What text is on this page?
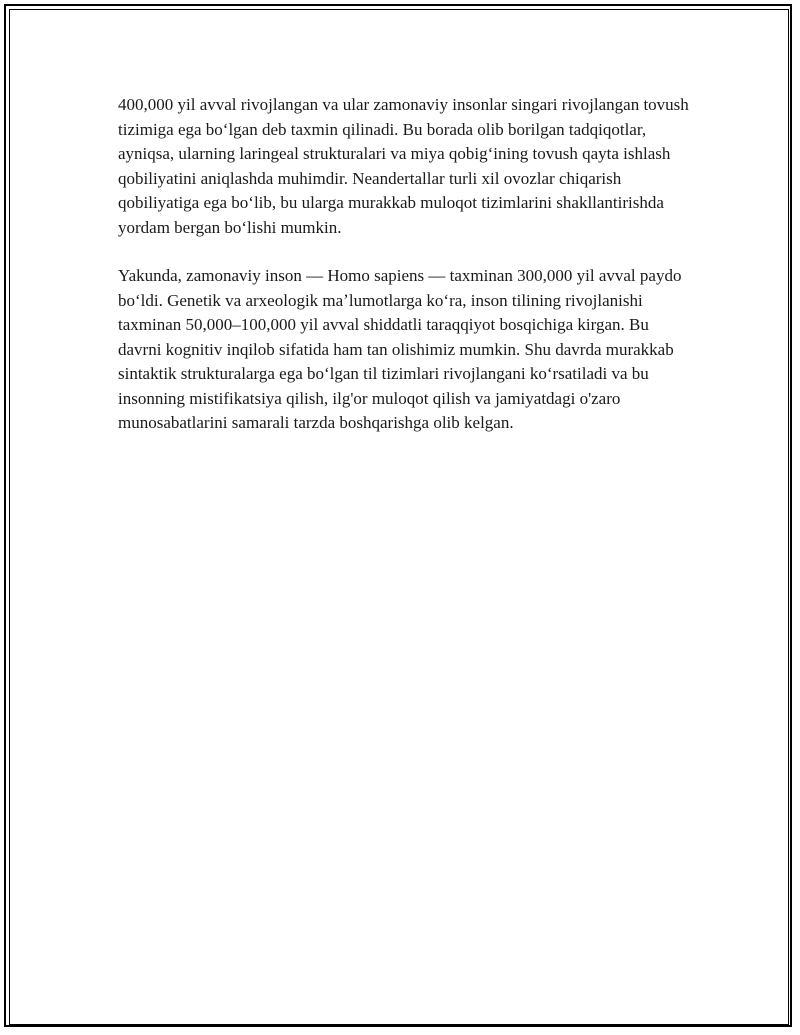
400,000 yil avval rivojlangan va ular zamonaviy insonlar singari rivojlangan tovush tizimiga ega boʻlgan deb taxmin qilinadi. Bu borada olib borilgan tadqiqotlar, ayniqsa, ularning laringeal strukturalari va miya qobigʻining tovush qayta ishlash qobiliyatini aniqlashda muhimdir. Neandertallar turli xil ovozlar chiqarish qobiliyatiga ega boʻlib, bu ularga murakkab muloqot tizimlarini shakllantirishda yordam bergan boʻlishi mumkin.

Yakunda, zamonaviy inson — Homo sapiens — taxminan 300,000 yil avval paydo boʻldi. Genetik va arxeologik maʼlumotlarga koʻra, inson tilining rivojlanishi taxminan 50,000–100,000 yil avval shiddatli taraqqiyot bosqichiga kirgan. Bu davrni kognitiv inqilob sifatida ham tan olishimiz mumkin. Shu davrda murakkab sintaktik strukturalarga ega boʻlgan til tizimlari rivojlangani koʻrsatiladi va bu insonning mistifikatsiya qilish, ilg'or muloqot qilish va jamiyatdagi o'zaro munosabatlarini samarali tarzda boshqarishga olib kelgan.
